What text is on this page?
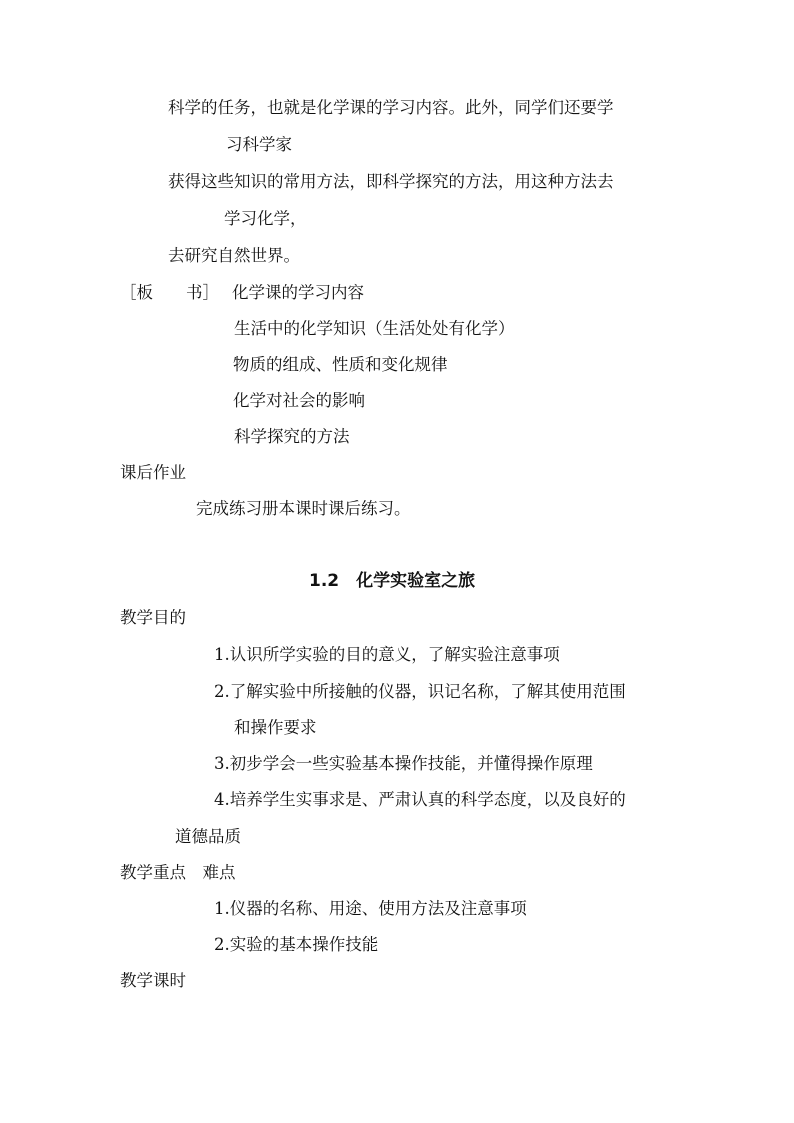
科学的任务，也就是化学课的学习内容。此外，同学们还要学
习科学家
获得这些知识的常用方法，即科学探究的方法，用这种方法去
学习化学，
去研究自然世界。
［板　　书］ 化学课的学习内容
生活中的化学知识（生活处处有化学）
物质的组成、性质和变化规律
化学对社会的影响
科学探究的方法
课后作业
完成练习册本课时课后练习。
1.2　化学实验室之旅
教学目的
1.认识所学实验的目的意义，了解实验注意事项
2.了解实验中所接触的仪器，识记名称，了解其使用范围
和操作要求
3.初步学会一些实验基本操作技能，并懂得操作原理
4.培养学生实事求是、严肃认真的科学态度，以及良好的
道德品质
教学重点　难点
1.仪器的名称、用途、使用方法及注意事项
2.实验的基本操作技能
教学课时
